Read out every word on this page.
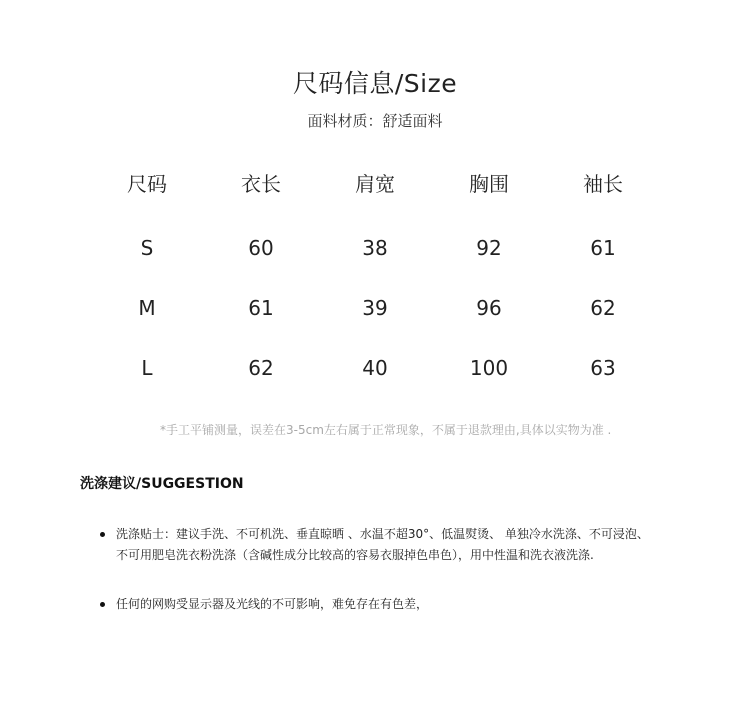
尺码信息/Size
面料材质：舒适面料
尺码	衣长	肩宽	胸围	袖长
S	60	38	92	61
M	61	39	96	62
L	62	40	100	63
*手工平铺测量，误差在3-5cm左右属于正常现象，不属于退款理由,具体以实物为准 .
洗涤建议/SUGGESTION
洗涤贴士：建议手洗、不可机洗、垂直晾晒 、水温不超30°、低温熨烫、 单独冷水洗涤、不可浸泡、
不可用肥皂洗衣粉洗涤（含碱性成分比较高的容易衣服掉色串色），用中性温和洗衣液洗涤.
任何的网购受显示器及光线的不可影响，难免存在有色差，
